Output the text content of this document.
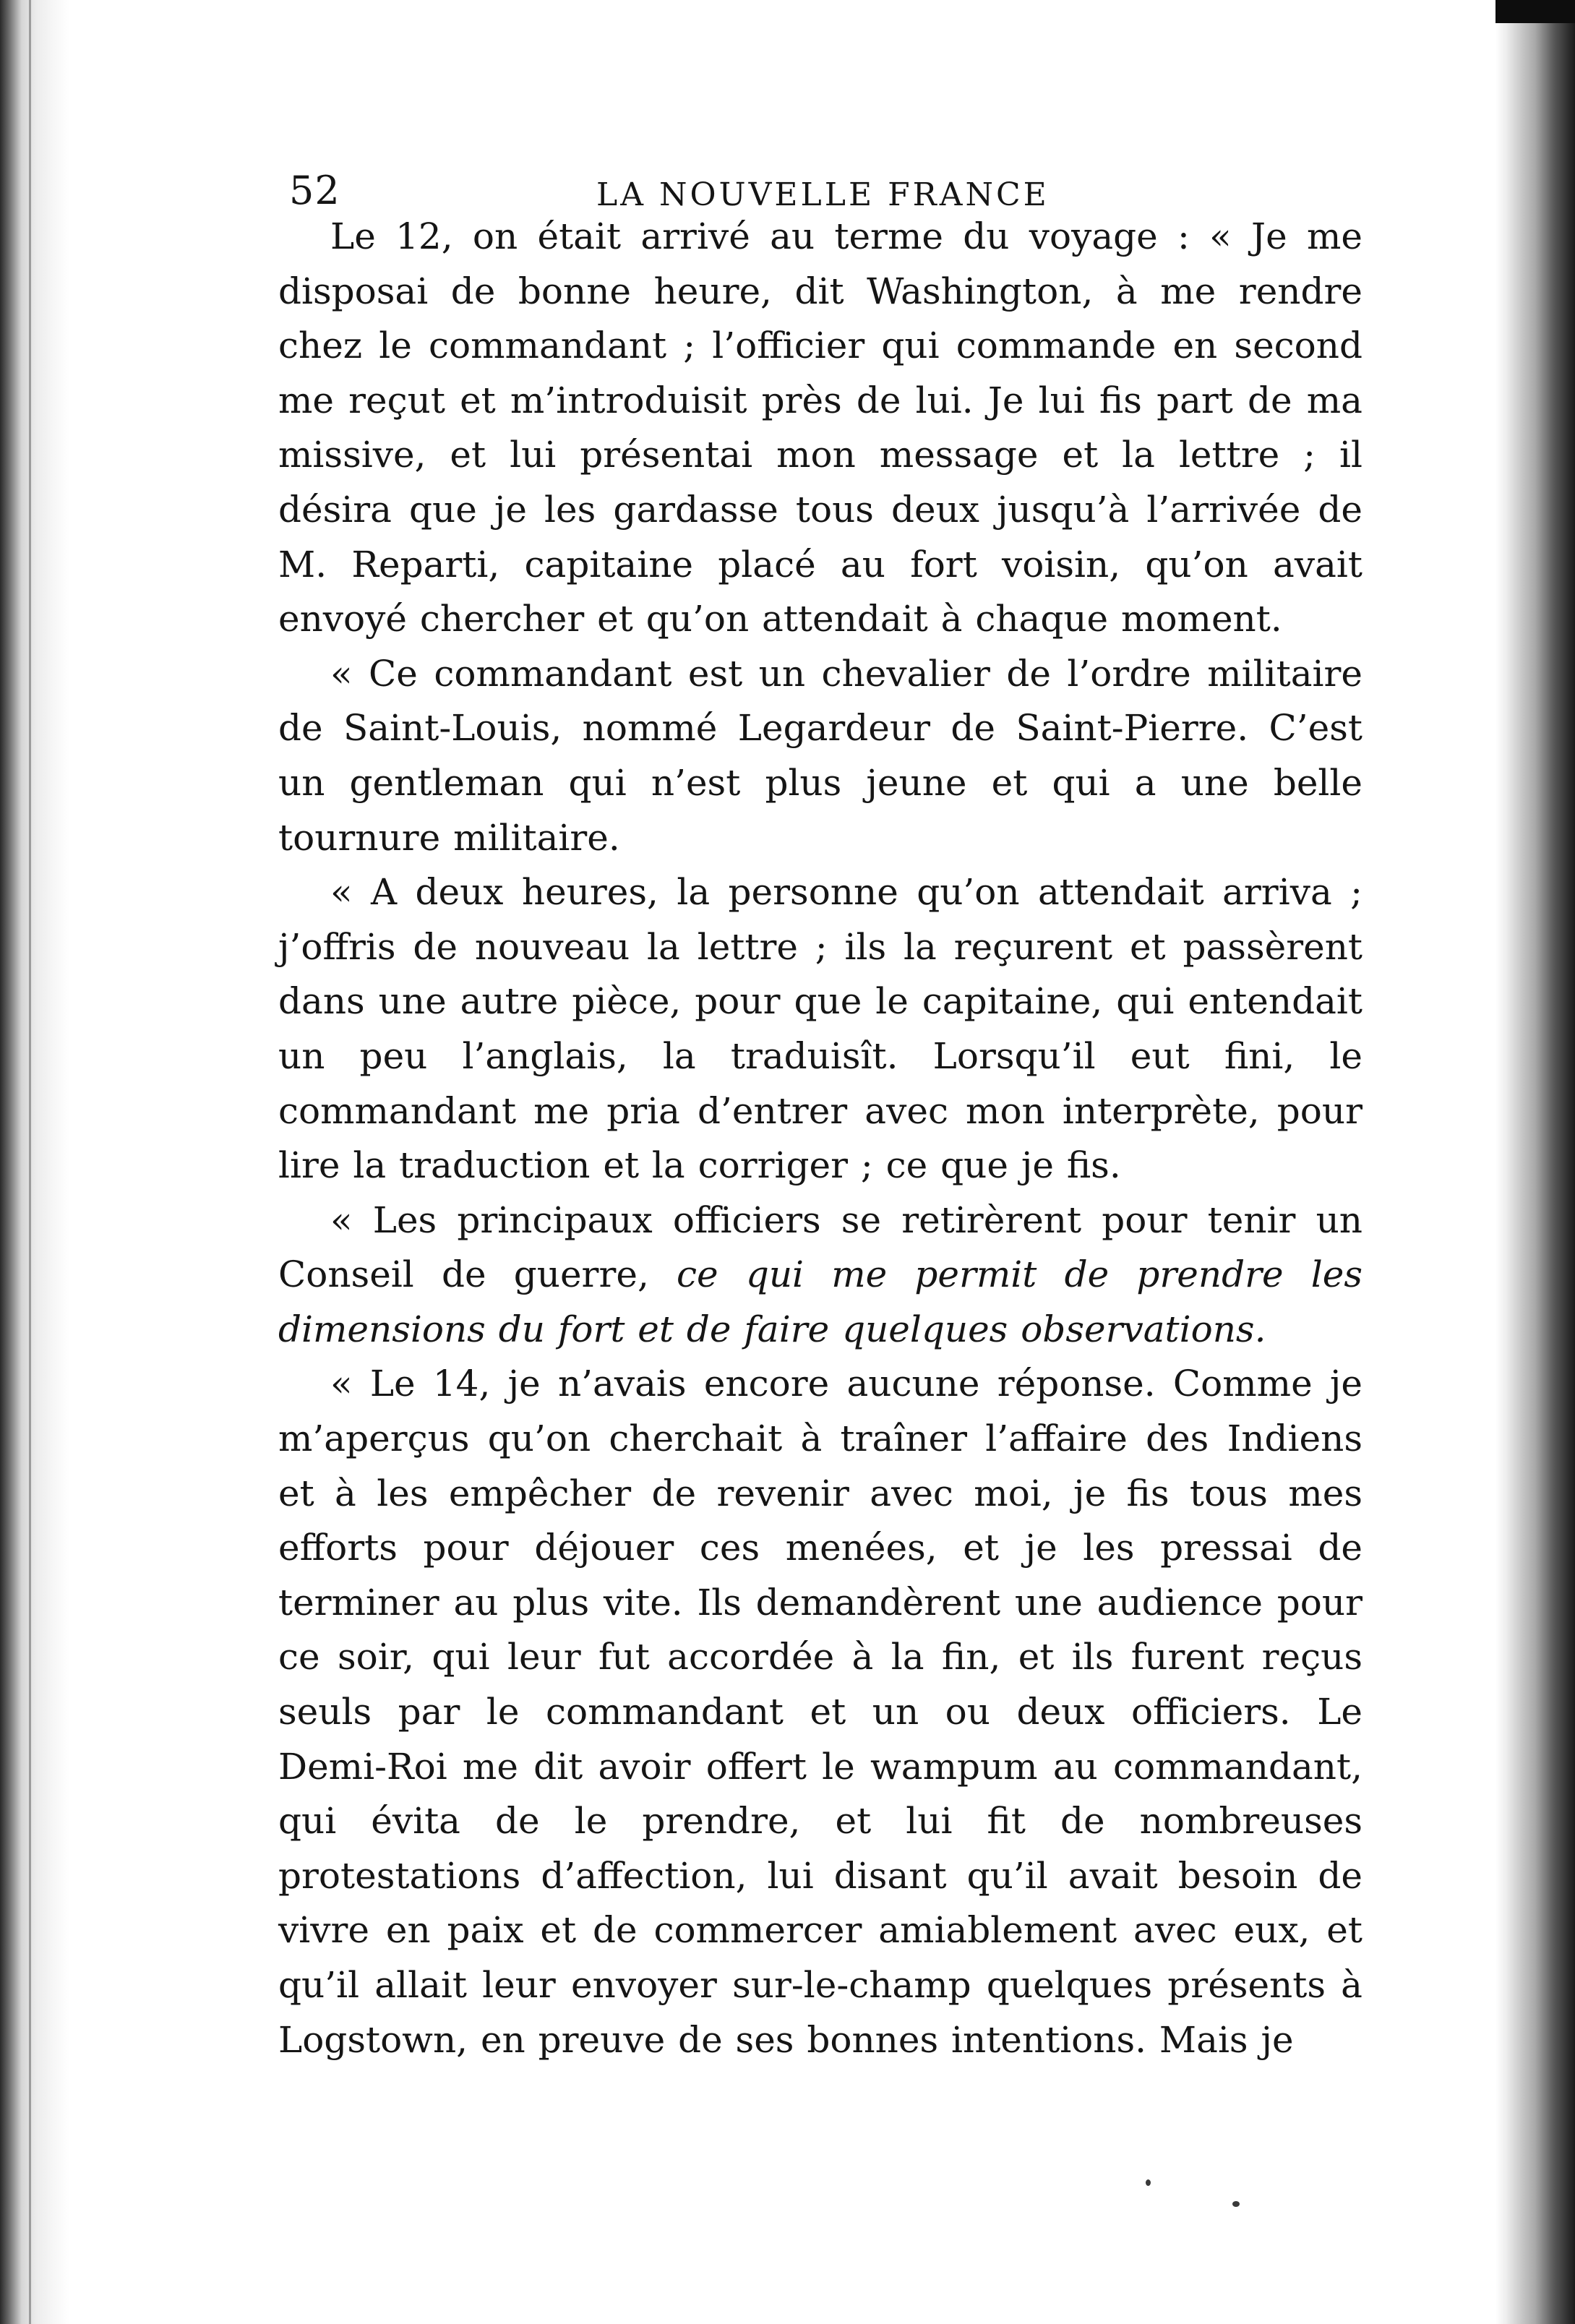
52	LA NOUVELLE FRANCE

Le 12, on était arrivé au terme du voyage : « Je me disposai de bonne heure, dit Washington, à me rendre chez le commandant ; l’officier qui commande en second me reçut et m’introduisit près de lui. Je lui fis part de ma missive, et lui présentai mon message et la lettre ; il désira que je les gardasse tous deux jusqu’à l’arrivée de M. Reparti, capitaine placé au fort voisin, qu’on avait envoyé chercher et qu’on attendait à chaque moment.

« Ce commandant est un chevalier de l’ordre militaire de Saint-Louis, nommé Legardeur de Saint-Pierre. C’est un gentleman qui n’est plus jeune et qui a une belle tournure militaire.

« A deux heures, la personne qu’on attendait arriva ; j’offris de nouveau la lettre ; ils la reçurent et passèrent dans une autre pièce, pour que le capitaine, qui entendait un peu l’anglais, la traduisît. Lorsqu’il eut fini, le commandant me pria d’entrer avec mon interprète, pour lire la traduction et la corriger ; ce que je fis.

« Les principaux officiers se retirèrent pour tenir un Conseil de guerre, ce qui me permit de prendre les dimensions du fort et de faire quelques observations.

« Le 14, je n’avais encore aucune réponse. Comme je m’aperçus qu’on cherchait à traîner l’affaire des Indiens et à les empêcher de revenir avec moi, je fis tous mes efforts pour déjouer ces menées, et je les pressai de terminer au plus vite. Ils demandèrent une audience pour ce soir, qui leur fut accordée à la fin, et ils furent reçus seuls par le commandant et un ou deux officiers. Le Demi-Roi me dit avoir offert le wampum au commandant, qui évita de le prendre, et lui fit de nombreuses protestations d’affection, lui disant qu’il avait besoin de vivre en paix et de commercer amiablement avec eux, et qu’il allait leur envoyer sur-le-champ quelques présents à Logstown, en preuve de ses bonnes intentions. Mais je
